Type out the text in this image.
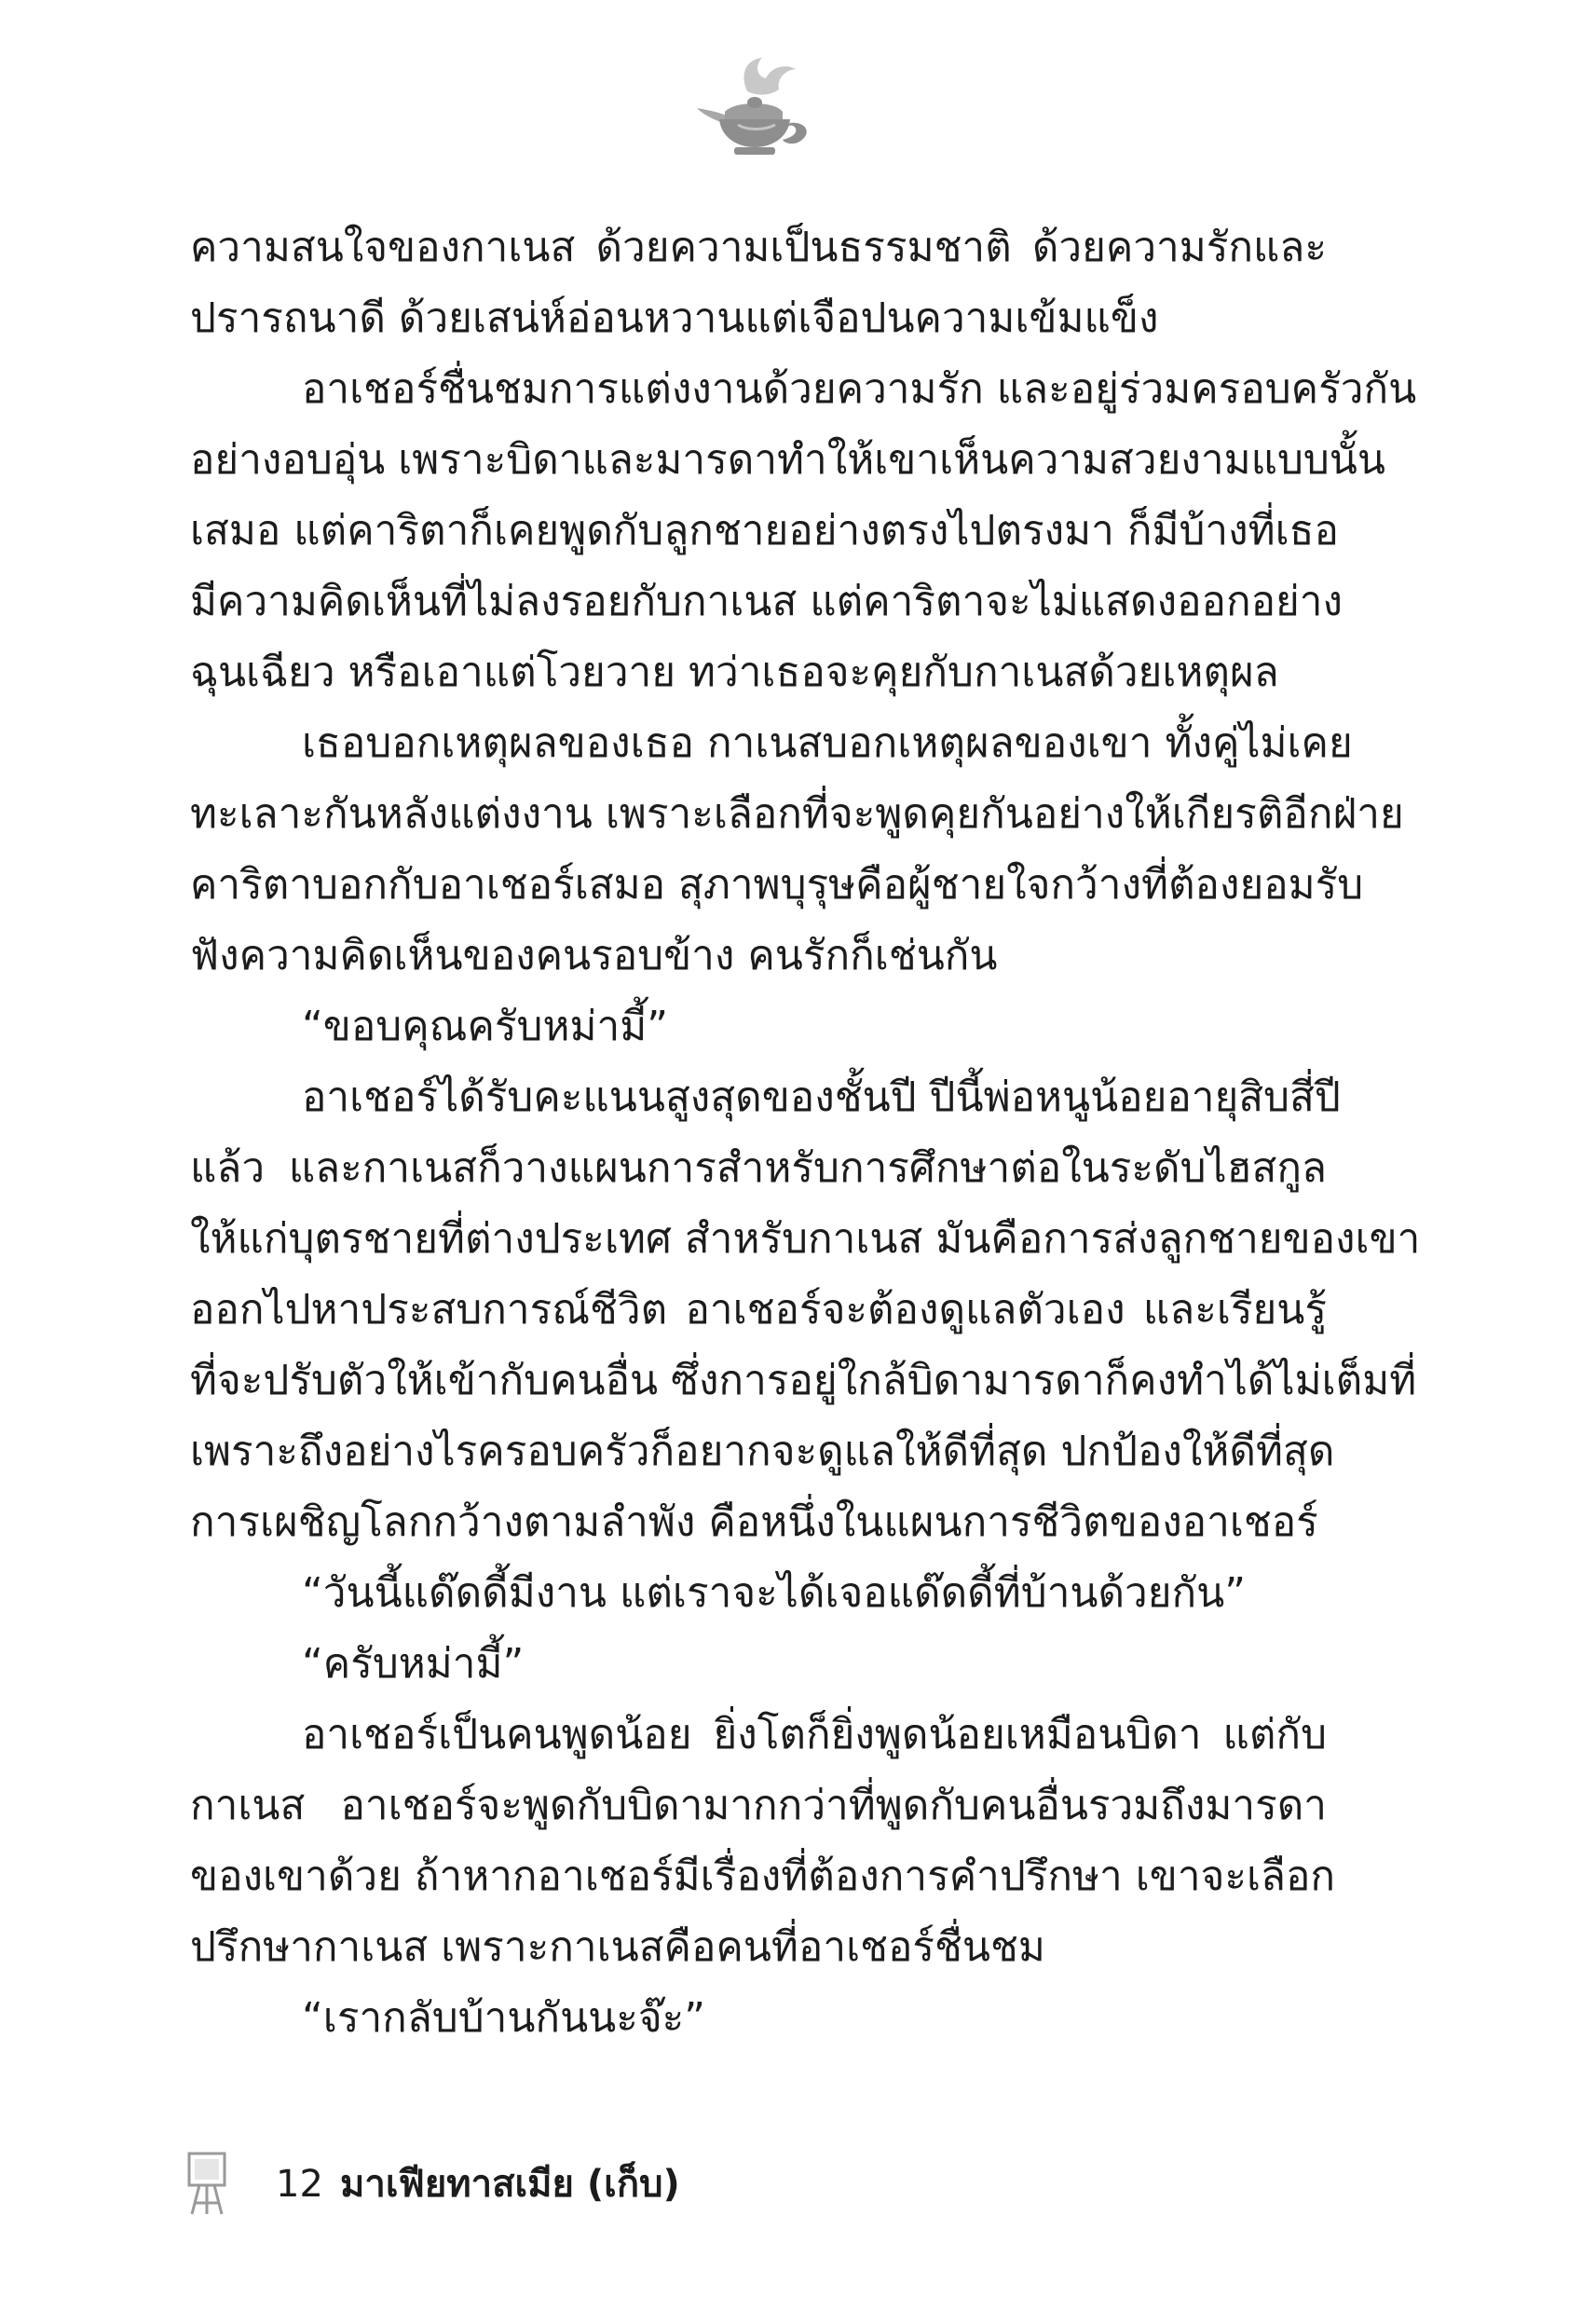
ความสนใจของกาเนส ด้วยความเป็นธรรมชาติ ด้วยความรักและ
ปรารถนาดี ด้วยเสน่ห์อ่อนหวานแต่เจือปนความเข้มแข็ง
อาเชอร์ชื่นชมการแต่งงานด้วยความรัก และอยู่ร่วมครอบครัวกัน
อย่างอบอุ่น เพราะบิดาและมารดาทำให้เขาเห็นความสวยงามแบบนั้น
เสมอ แต่คาริตาก็เคยพูดกับลูกชายอย่างตรงไปตรงมา ก็มีบ้างที่เธอ
มีความคิดเห็นที่ไม่ลงรอยกับกาเนส แต่คาริตาจะไม่แสดงออกอย่าง
ฉุนเฉียว หรือเอาแต่โวยวาย ทว่าเธอจะคุยกับกาเนสด้วยเหตุผล
เธอบอกเหตุผลของเธอ กาเนสบอกเหตุผลของเขา ทั้งคู่ไม่เคย
ทะเลาะกันหลังแต่งงาน เพราะเลือกที่จะพูดคุยกันอย่างให้เกียรติอีกฝ่าย
คาริตาบอกกับอาเชอร์เสมอ สุภาพบุรุษคือผู้ชายใจกว้างที่ต้องยอมรับ
ฟังความคิดเห็นของคนรอบข้าง คนรักก็เช่นกัน
“ขอบคุณครับหม่ามี้”
อาเชอร์ได้รับคะแนนสูงสุดของชั้นปี ปีนี้พ่อหนูน้อยอายุสิบสี่ปี
แล้ว และกาเนสก็วางแผนการสำหรับการศึกษาต่อในระดับไฮสกูล
ให้แก่บุตรชายที่ต่างประเทศ สำหรับกาเนส มันคือการส่งลูกชายของเขา
ออกไปหาประสบการณ์ชีวิต อาเชอร์จะต้องดูแลตัวเอง และเรียนรู้
ที่จะปรับตัวให้เข้ากับคนอื่น ซึ่งการอยู่ใกล้บิดามารดาก็คงทำได้ไม่เต็มที่
เพราะถึงอย่างไรครอบครัวก็อยากจะดูแลให้ดีที่สุด ปกป้องให้ดีที่สุด
การเผชิญโลกกว้างตามลำพัง คือหนึ่งในแผนการชีวิตของอาเชอร์
“วันนี้แด๊ดดี้มีงาน แต่เราจะได้เจอแด๊ดดี้ที่บ้านด้วยกัน”
“ครับหม่ามี้”
อาเชอร์เป็นคนพูดน้อย ยิ่งโตก็ยิ่งพูดน้อยเหมือนบิดา แต่กับ
กาเนส อาเชอร์จะพูดกับบิดามากกว่าที่พูดกับคนอื่นรวมถึงมารดา
ของเขาด้วย ถ้าหากอาเชอร์มีเรื่องที่ต้องการคำปรึกษา เขาจะเลือก
ปรึกษากาเนส เพราะกาเนสคือคนที่อาเชอร์ชื่นชม
“เรากลับบ้านกันนะจ๊ะ”
12 มาเฟียทาสเมีย (เก็บ)
